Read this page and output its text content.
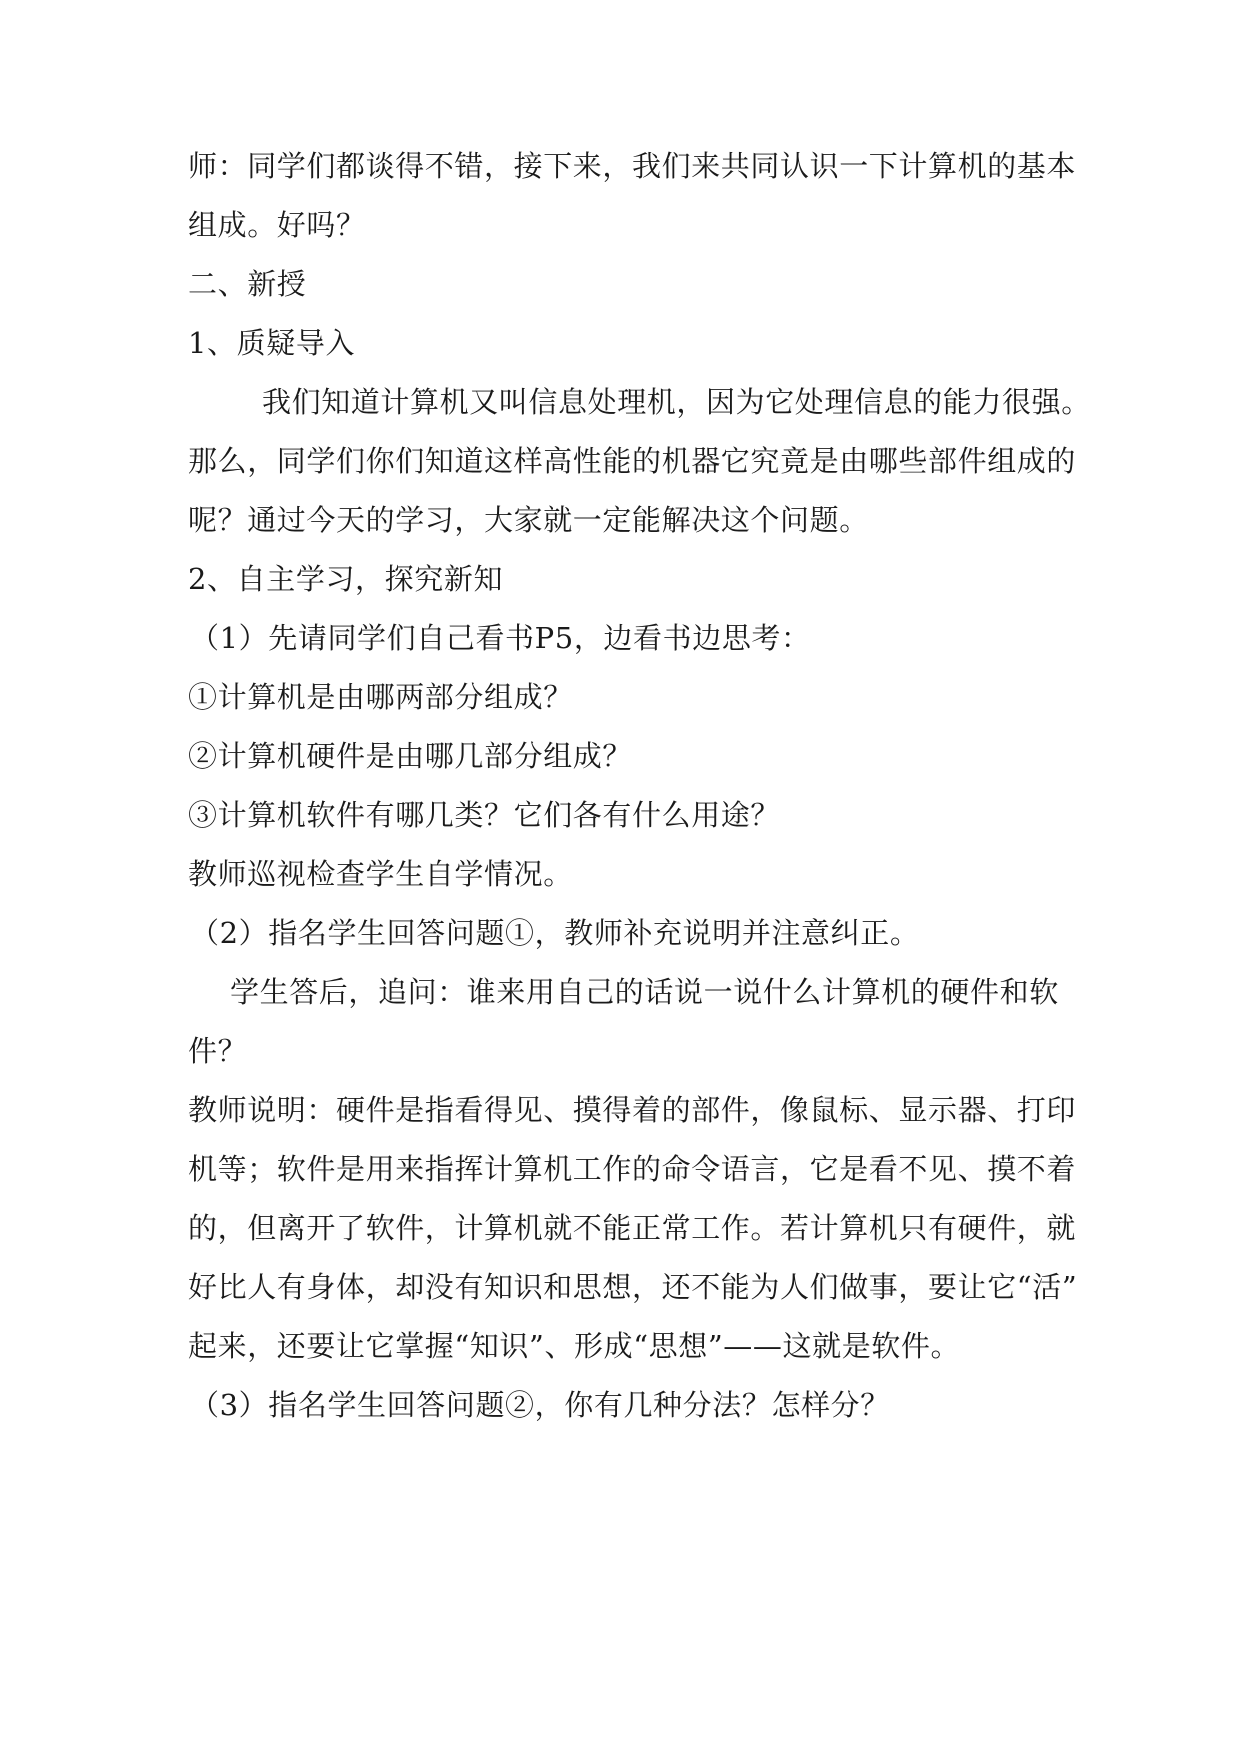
师：同学们都谈得不错，接下来，我们来共同认识一下计算机的基本
组成。好吗？
二、新授
1、质疑导入
我们知道计算机又叫信息处理机，因为它处理信息的能力很强。
那么，同学们你们知道这样高性能的机器它究竟是由哪些部件组成的
呢？通过今天的学习，大家就一定能解决这个问题。
2、自主学习，探究新知
（1）先请同学们自己看书P5，边看书边思考：
①计算机是由哪两部分组成？
②计算机硬件是由哪几部分组成？
③计算机软件有哪几类？它们各有什么用途？
教师巡视检查学生自学情况。
（2）指名学生回答问题①，教师补充说明并注意纠正。
学生答后，追问：谁来用自己的话说一说什么计算机的硬件和软
件？
教师说明：硬件是指看得见、摸得着的部件，像鼠标、显示器、打印
机等；软件是用来指挥计算机工作的命令语言，它是看不见、摸不着
的，但离开了软件，计算机就不能正常工作。若计算机只有硬件，就
好比人有身体，却没有知识和思想，还不能为人们做事，要让它“活”
起来，还要让它掌握“知识”、形成“思想”——这就是软件。
（3）指名学生回答问题②，你有几种分法？怎样分？
